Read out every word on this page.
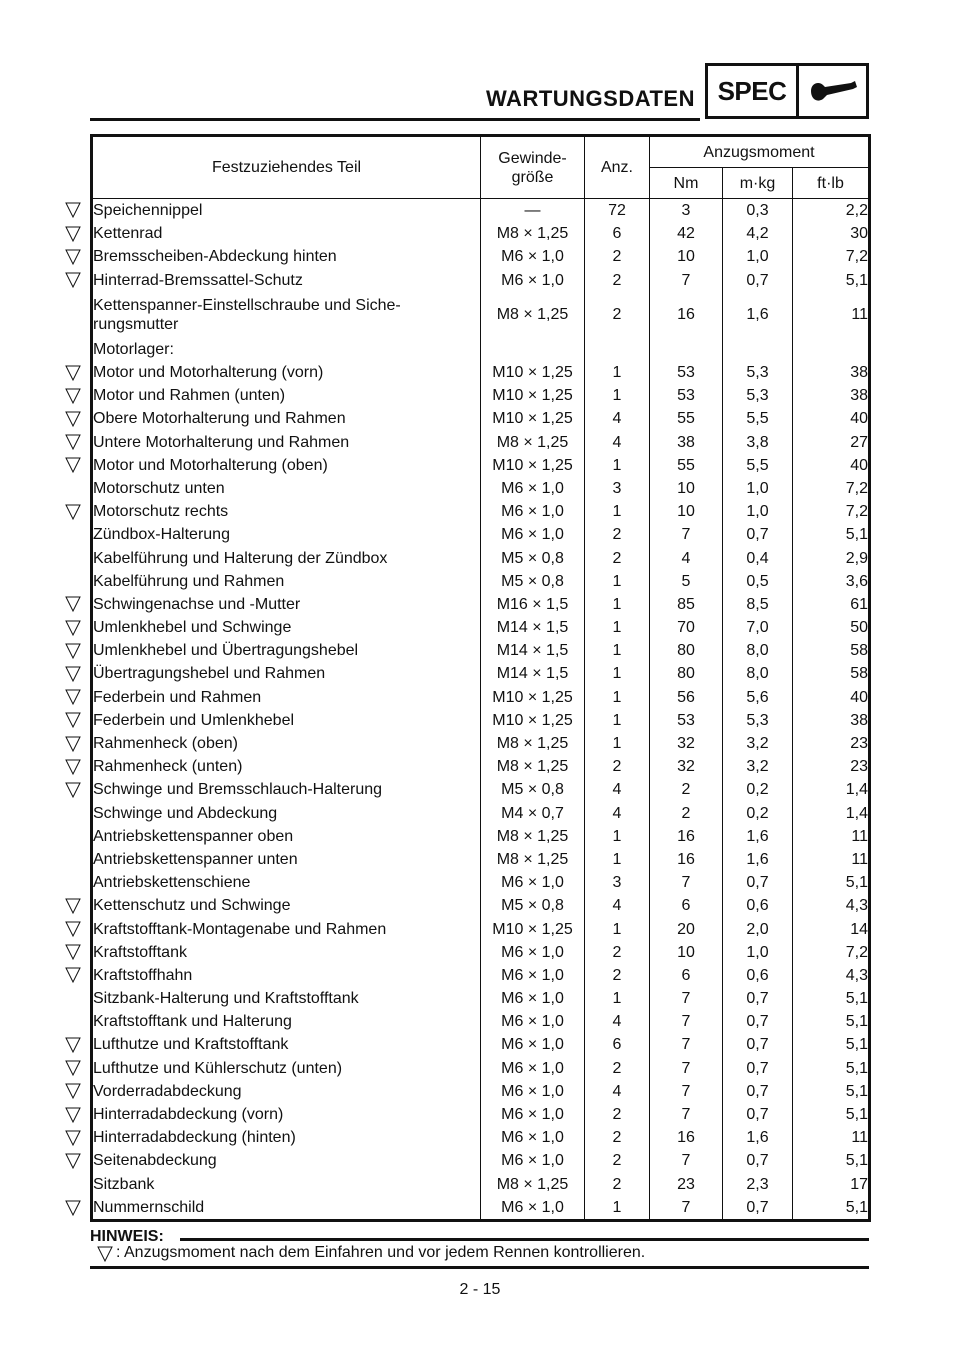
WARTUNGSDATEN SPEC
Festzuziehendes Teil	Gewinde-
größe	Anz.	Anzugsmoment		
			Nm	m·kg	ft·lb
Speichennippel	—	72	3	0,3	2,2
Kettenrad	M8 × 1,25	6	42	4,2	30
Bremsscheiben-Abdeckung hinten	M6 × 1,0	2	10	1,0	7,2
Hinterrad-Bremssattel-Schutz	M6 × 1,0	2	7	0,7	5,1
Kettenspanner-Einstellschraube und Siche-
rungsmutter	M8 × 1,25	2	16	1,6	11
Motorlager:					
Motor und Motorhalterung (vorn)	M10 × 1,25	1	53	5,3	38
Motor und Rahmen (unten)	M10 × 1,25	1	53	5,3	38
Obere Motorhalterung und Rahmen	M10 × 1,25	4	55	5,5	40
Untere Motorhalterung und Rahmen	M8 × 1,25	4	38	3,8	27
Motor und Motorhalterung (oben)	M10 × 1,25	1	55	5,5	40
Motorschutz unten	M6 × 1,0	3	10	1,0	7,2
Motorschutz rechts	M6 × 1,0	1	10	1,0	7,2
Zündbox-Halterung	M6 × 1,0	2	7	0,7	5,1
Kabelführung und Halterung der Zündbox	M5 × 0,8	2	4	0,4	2,9
Kabelführung und Rahmen	M5 × 0,8	1	5	0,5	3,6
Schwingenachse und -Mutter	M16 × 1,5	1	85	8,5	61
Umlenkhebel und Schwinge	M14 × 1,5	1	70	7,0	50
Umlenkhebel und Übertragungshebel	M14 × 1,5	1	80	8,0	58
Übertragungshebel und Rahmen	M14 × 1,5	1	80	8,0	58
Federbein und Rahmen	M10 × 1,25	1	56	5,6	40
Federbein und Umlenkhebel	M10 × 1,25	1	53	5,3	38
Rahmenheck (oben)	M8 × 1,25	1	32	3,2	23
Rahmenheck (unten)	M8 × 1,25	2	32	3,2	23
Schwinge und Bremsschlauch-Halterung	M5 × 0,8	4	2	0,2	1,4
Schwinge und Abdeckung	M4 × 0,7	4	2	0,2	1,4
Antriebskettenspanner oben	M8 × 1,25	1	16	1,6	11
Antriebskettenspanner unten	M8 × 1,25	1	16	1,6	11
Antriebskettenschiene	M6 × 1,0	3	7	0,7	5,1
Kettenschutz und Schwinge	M5 × 0,8	4	6	0,6	4,3
Kraftstofftank-Montagenabe und Rahmen	M10 × 1,25	1	20	2,0	14
Kraftstofftank	M6 × 1,0	2	10	1,0	7,2
Kraftstoffhahn	M6 × 1,0	2	6	0,6	4,3
Sitzbank-Halterung und Kraftstofftank	M6 × 1,0	1	7	0,7	5,1
Kraftstofftank und Halterung	M6 × 1,0	4	7	0,7	5,1
Lufthutze und Kraftstofftank	M6 × 1,0	6	7	0,7	5,1
Lufthutze und Kühlerschutz (unten)	M6 × 1,0	2	7	0,7	5,1
Vorderradabdeckung	M6 × 1,0	4	7	0,7	5,1
Hinterradabdeckung (vorn)	M6 × 1,0	2	7	0,7	5,1
Hinterradabdeckung (hinten)	M6 × 1,0	2	16	1,6	11
Seitenabdeckung	M6 × 1,0	2	7	0,7	5,1
Sitzbank	M8 × 1,25	2	23	2,3	17
Nummernschild	M6 × 1,0	1	7	0,7	5,1
HINWEIS:
: Anzugsmoment nach dem Einfahren und vor jedem Rennen kontrollieren.
2 - 15
